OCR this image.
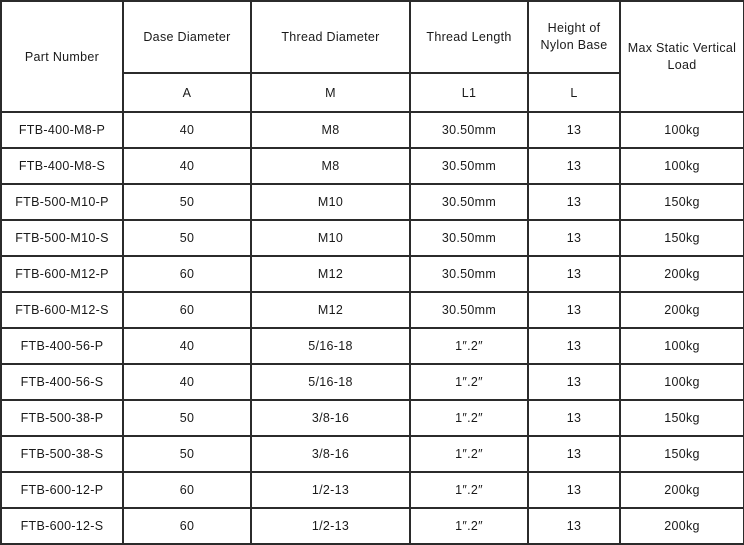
Part Number	Dase Diameter	Thread Diameter	Thread Length	Height of Nylon Base	Max Static Vertical Load
	A	M	L1	L	
FTB-400-M8-P	40	M8	30.50mm	13	100kg
FTB-400-M8-S	40	M8	30.50mm	13	100kg
FTB-500-M10-P	50	M10	30.50mm	13	150kg
FTB-500-M10-S	50	M10	30.50mm	13	150kg
FTB-600-M12-P	60	M12	30.50mm	13	200kg
FTB-600-M12-S	60	M12	30.50mm	13	200kg
FTB-400-56-P	40	5/16-18	1″.2″	13	100kg
FTB-400-56-S	40	5/16-18	1″.2″	13	100kg
FTB-500-38-P	50	3/8-16	1″.2″	13	150kg
FTB-500-38-S	50	3/8-16	1″.2″	13	150kg
FTB-600-12-P	60	1/2-13	1″.2″	13	200kg
FTB-600-12-S	60	1/2-13	1″.2″	13	200kg
